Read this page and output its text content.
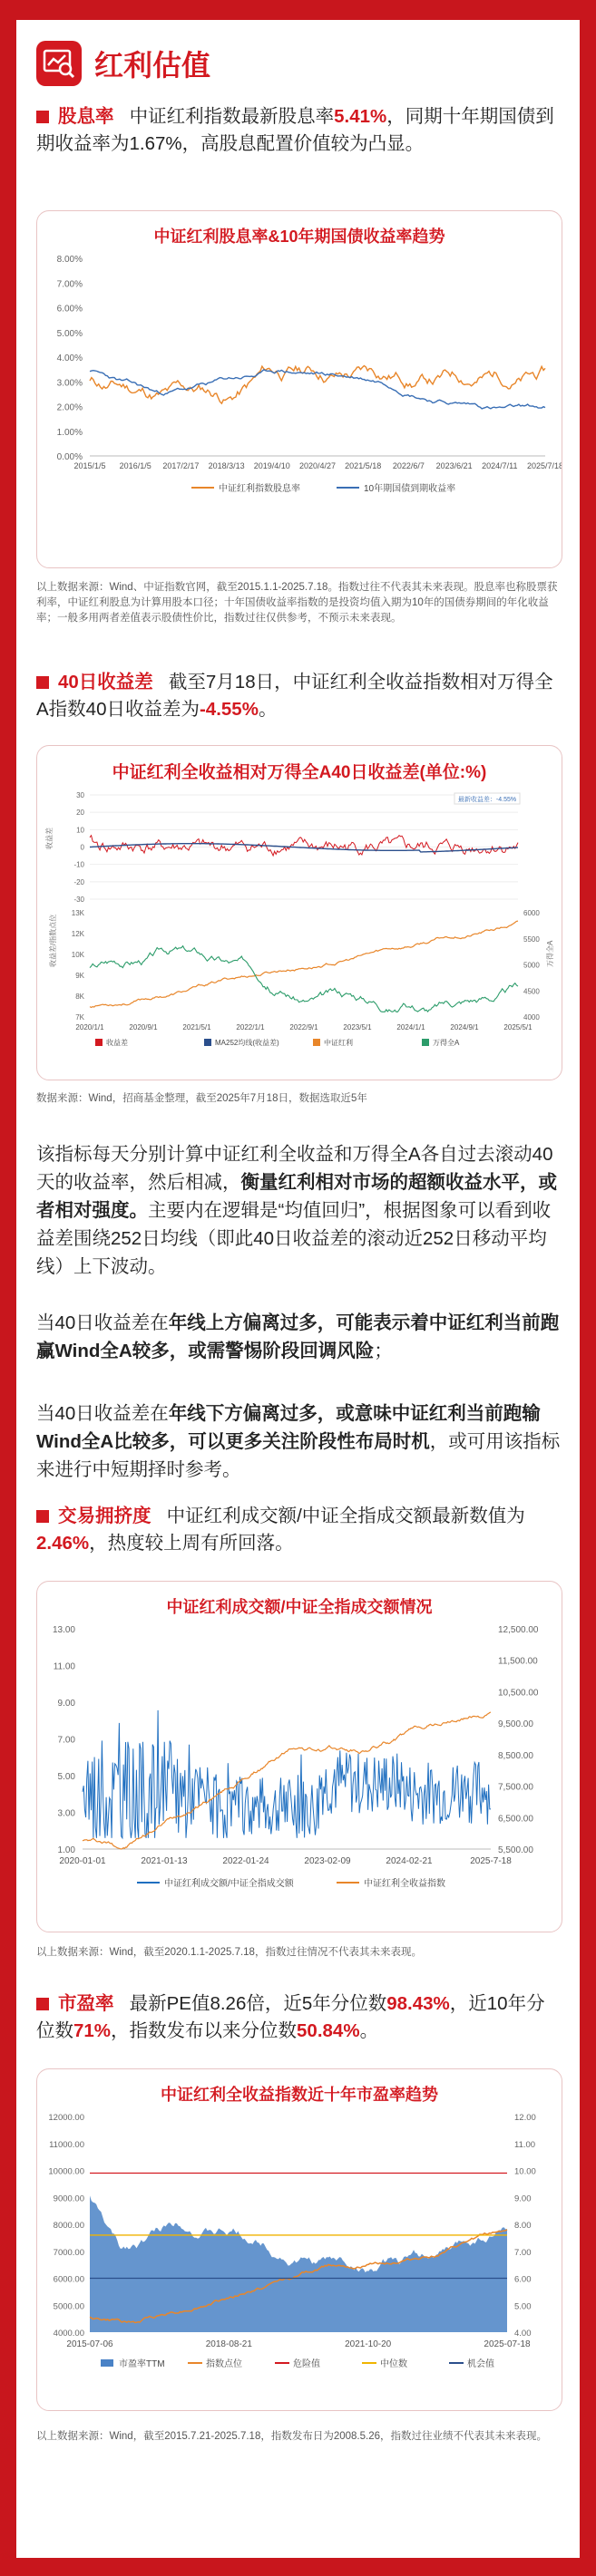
红利估值
股息率 中证红利指数最新股息率5.41%，同期十年期国债到期收益率为1.67%，高股息配置价值较为凸显。
中证红利股息率&10年期国债收益率趋势
8.00%
7.00%
6.00%
5.00%
4.00%
3.00%
2.00%
1.00%
0.00%
2015/1/5 2016/1/5 2017/2/17 2018/3/13 2019/4/10 2020/4/27 2021/5/18 2022/6/7 2023/6/21 2024/7/11 2025/7/18
中证红利指数股息率	10年期国债到期收益率
以上数据来源：Wind、中证指数官网，截至2015.1.1-2025.7.18。指数过往不代表其未来表现。股息率也称股票获利率，中证红利股息为计算用股本口径；十年国债收益率指数的是投资均值入期为10年的国债券期间的年化收益率；一般多用两者差值表示股债性价比，指数过往仅供参考，不预示未来表现。
40日收益差 截至7月18日，中证红利全收益指数相对万得全A指数40日收益差为-4.55%。
中证红利全收益相对万得全A40日收益差(单位:%)
30
20
10
0
-10
-20
-30
收益差
最新收益差：-4.55%
13K
12K
10K
9K
8K
7K
6000
5500
5000
4500
4000
收益差/指数点位	万得全A
2020/1/1	2020/9/1	2021/5/1	2022/1/1	2022/9/1	2023/5/1	2024/1/1	2024/9/1	2025/5/1
收益差	MA252均线(收益差)	中证红利	万得全A
数据来源：Wind，招商基金整理，截至2025年7月18日，数据选取近5年
该指标每天分别计算中证红利全收益和万得全A各自过去滚动40天的收益率，然后相减，衡量红利相对市场的超额收益水平，或者相对强度。主要内在逻辑是“均值回归”，根据图象可以看到收益差围绕252日均线（即此40日收益差的滚动近252日移动平均线）上下波动。
当40日收益差在年线上方偏离过多，可能表示着中证红利当前跑赢Wind全A较多，或需警惕阶段回调风险；
当40日收益差在年线下方偏离过多，或意味中证红利当前跑输Wind全A比较多，可以更多关注阶段性布局时机，或可用该指标来进行中短期择时参考。
交易拥挤度 中证红利成交额/中证全指成交额最新数值为2.46%，热度较上周有所回落。
中证红利成交额/中证全指成交额情况
13.00
11.00
9.00
7.00
5.00
3.00
1.00
12,500.00
11,500.00
10,500.00
9,500.00
8,500.00
7,500.00
6,500.00
5,500.00
2020-01-01	2021-01-13	2022-01-24	2023-02-09	2024-02-21	2025-7-18
中证红利成交额/中证全指成交额	中证红利全收益指数
以上数据来源：Wind，截至2020.1.1-2025.7.18，指数过往情况不代表其未来表现。
市盈率 最新PE值8.26倍，近5年分位数98.43%，近10年分位数71%，指数发布以来分位数50.84%。
中证红利全收益指数近十年市盈率趋势
12000.00
11000.00
10000.00
9000.00
8000.00
7000.00
6000.00
5000.00
4000.00
12.00
11.00
10.00
9.00
8.00
7.00
6.00
5.00
4.00
2015-07-06	2018-08-21	2021-10-20	2025-07-18
市盈率TTM	指数点位	危险值	中位数	机会值
以上数据来源：Wind，截至2015.7.21-2025.7.18，指数发布日为2008.5.26，指数过往业绩不代表其未来表现。
